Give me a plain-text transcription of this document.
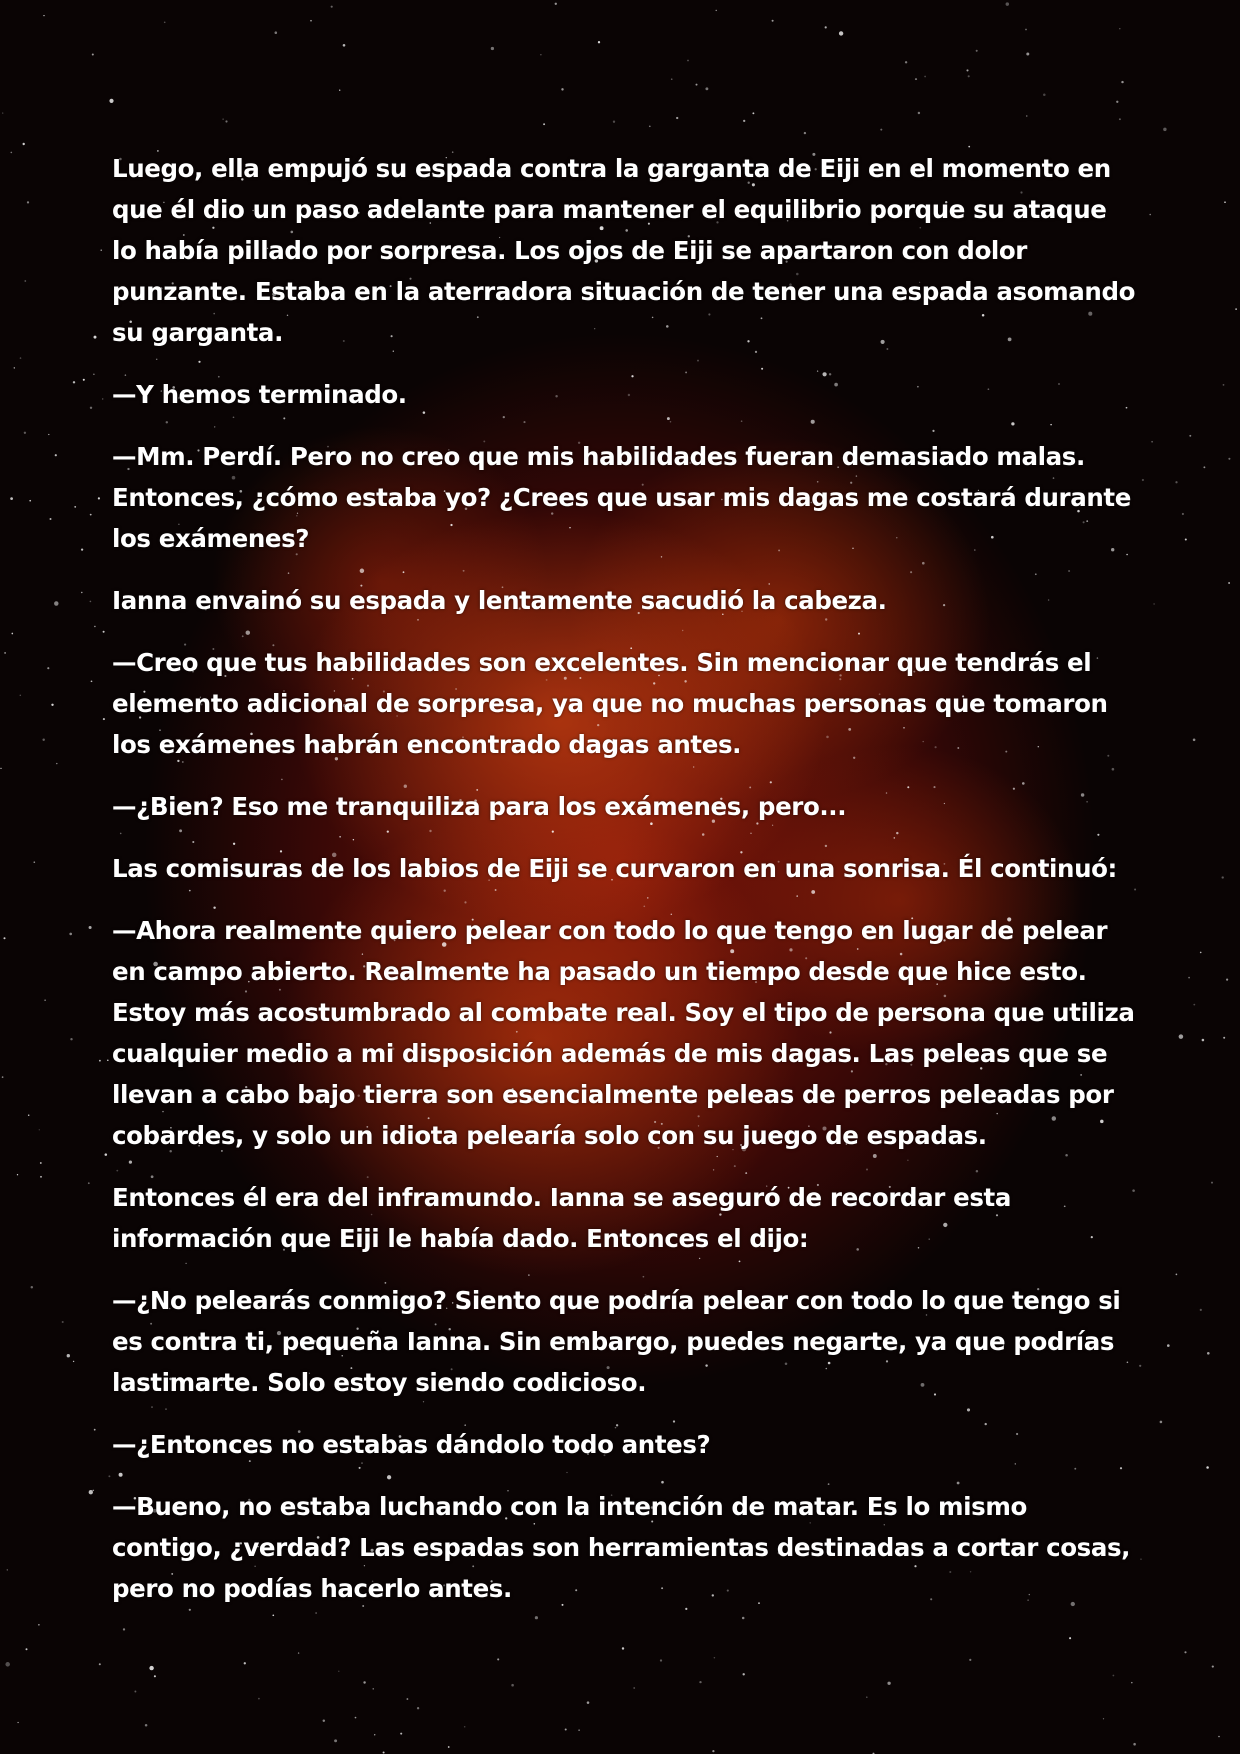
Luego, ella empujó su espada contra la garganta de Eiji en el momento en que él dio un paso adelante para mantener el equilibrio porque su ataque lo había pillado por sorpresa. Los ojos de Eiji se apartaron con dolor punzante. Estaba en la aterradora situación de tener una espada asomando su garganta.

—Y hemos terminado.

—Mm. Perdí. Pero no creo que mis habilidades fueran demasiado malas. Entonces, ¿cómo estaba yo? ¿Crees que usar mis dagas me costará durante los exámenes?

Ianna envainó su espada y lentamente sacudió la cabeza.

—Creo que tus habilidades son excelentes. Sin mencionar que tendrás el elemento adicional de sorpresa, ya que no muchas personas que tomaron los exámenes habrán encontrado dagas antes.

—¿Bien? Eso me tranquiliza para los exámenes, pero...

Las comisuras de los labios de Eiji se curvaron en una sonrisa. Él continuó:

—Ahora realmente quiero pelear con todo lo que tengo en lugar de pelear en campo abierto. Realmente ha pasado un tiempo desde que hice esto. Estoy más acostumbrado al combate real. Soy el tipo de persona que utiliza cualquier medio a mi disposición además de mis dagas. Las peleas que se llevan a cabo bajo tierra son esencialmente peleas de perros peleadas por cobardes, y solo un idiota pelearía solo con su juego de espadas.

Entonces él era del inframundo. Ianna se aseguró de recordar esta información que Eiji le había dado. Entonces el dijo:

—¿No pelearás conmigo? Siento que podría pelear con todo lo que tengo si es contra ti, pequeña Ianna. Sin embargo, puedes negarte, ya que podrías lastimarte. Solo estoy siendo codicioso.

—¿Entonces no estabas dándolo todo antes?

—Bueno, no estaba luchando con la intención de matar. Es lo mismo contigo, ¿verdad? Las espadas son herramientas destinadas a cortar cosas, pero no podías hacerlo antes.
